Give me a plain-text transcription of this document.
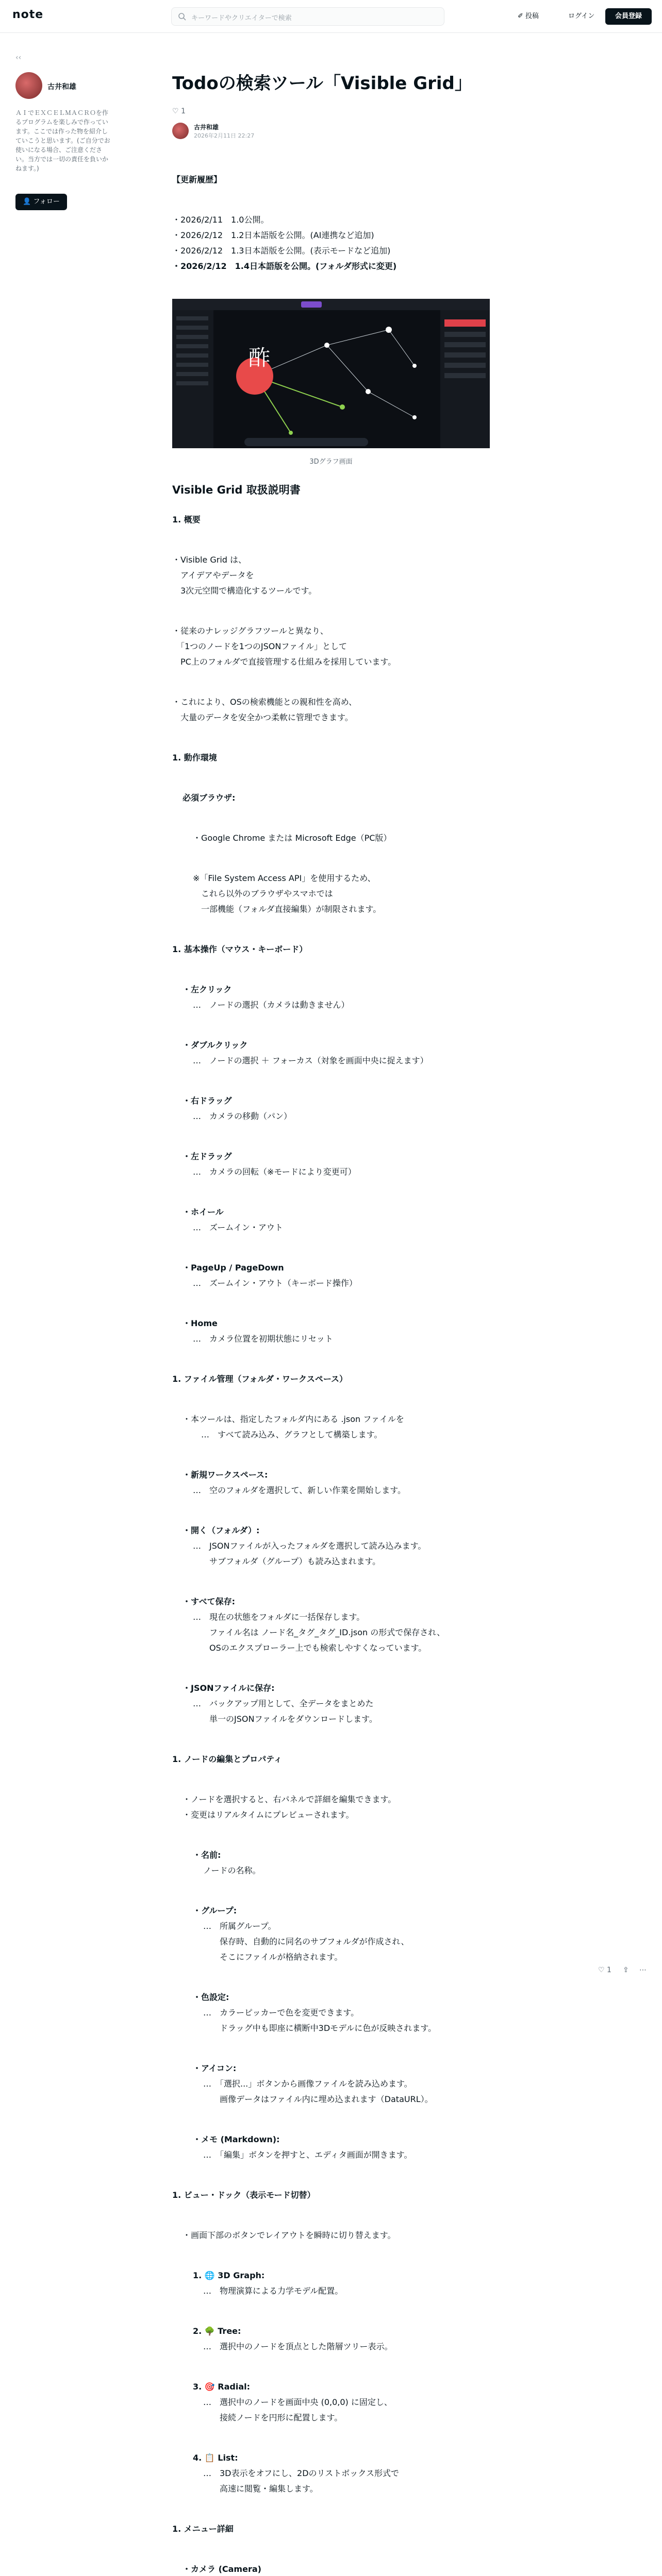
note	キーワードやクリエイターで検索	✐ 投稿	ログイン	会員登録
‹‹
古井和雄
ＡＩでＥＸＣＥＬＭＡＣＲＯを作るプログラムを楽しみで作っています。ここでは作った物を紹介していこうと思います。(ご自分でお使いになる場合、ご注意ください。当方では一切の責任を負いかねます。)
👤 フォロー
Todoの検索ツール「Visible Grid」
♡ 1
古井和雄
2026年2月11日 22:27
【更新履歴】
・2026/2/11　1.0公開。
・2026/2/12　1.2日本語版を公開。(AI連携など追加)
・2026/2/12　1.3日本語版を公開。(表示モードなど追加)
・2026/2/12　1.4日本語版を公開。(フォルダ形式に変更)
酢
3Dグラフ画面
Visible Grid 取扱説明書
1. 概要
・Visible Grid は、
　アイデアやデータを
　3次元空間で構造化するツールです。
・従来のナレッジグラフツールと異なり、
　「1つのノードを1つのJSONファイル」として
　PC上のフォルダで直接管理する仕組みを採用しています。
・これにより、OSの検索機能との親和性を高め、
　大量のデータを安全かつ柔軟に管理できます。
1. 動作環境
必須ブラウザ:
・Google Chrome または Microsoft Edge（PC版）
※「File System Access API」を使用するため、
　これら以外のブラウザやスマホでは
　一部機能（フォルダ直接編集）が制限されます。
1. 基本操作（マウス・キーボード）
・左クリック
…　ノードの選択（カメラは動きません）
・ダブルクリック
…　ノードの選択 ＋ フォーカス（対象を画面中央に捉えます）
・右ドラッグ
…　カメラの移動（パン）
・左ドラッグ
…　カメラの回転（※モードにより変更可）
・ホイール
…　ズームイン・アウト
・PageUp / PageDown
…　ズームイン・アウト（キーボード操作）
・Home
…　カメラ位置を初期状態にリセット
1. ファイル管理（フォルダ・ワークスペース）
・本ツールは、指定したフォルダ内にある .json ファイルを
　…　すべて読み込み、グラフとして構築します。
・新規ワークスペース:
…　空のフォルダを選択して、新しい作業を開始します。
・開く（フォルダ）:
…　JSONファイルが入ったフォルダを選択して読み込みます。
　　サブフォルダ（グループ）も読み込まれます。
・すべて保存:
…　現在の状態をフォルダに一括保存します。
　　ファイル名は ノード名_タグ_タグ_ID.json の形式で保存され、
　　OSのエクスプローラー上でも検索しやすくなっています。
・JSONファイルに保存:
…　バックアップ用として、全データをまとめた
　　単一のJSONファイルをダウンロードします。
1. ノードの編集とプロパティ
・ノードを選択すると、右パネルで詳細を編集できます。
・変更はリアルタイムにプレビューされます。
・名前:
ノードの名称。
・グループ:
…　所属グループ。
　　保存時、自動的に同名のサブフォルダが作成され、
　　そこにファイルが格納されます。
・色設定:
…　カラーピッカーで色を変更できます。
　　ドラッグ中も即座に横断中3Dモデルに色が反映されます。
・アイコン:
…　「選択...」ボタンから画像ファイルを読み込めます。
　　画像データはファイル内に埋め込まれます（DataURL）。
・メモ (Markdown):
…　「編集」ボタンを押すと、エディタ画面が開きます。
1. ビュー・ドック（表示モード切替）
・画面下部のボタンでレイアウトを瞬時に切り替えます。
1. 🌐 3D Graph:
…　物理演算による力学モデル配置。
2. 🌳 Tree:
…　選択中のノードを頂点とした階層ツリー表示。
3. 🎯 Radial:
…　選択中のノードを画面中央 (0,0,0) に固定し、
　　接続ノードを円形に配置します。
4. 📋 List:
…　3D表示をオフにし、2Dのリストボックス形式で
　　高速に閲覧・編集します。
1. メニュー詳細
・カメラ (Camera)
♡ 1 ⇪ ⋯
